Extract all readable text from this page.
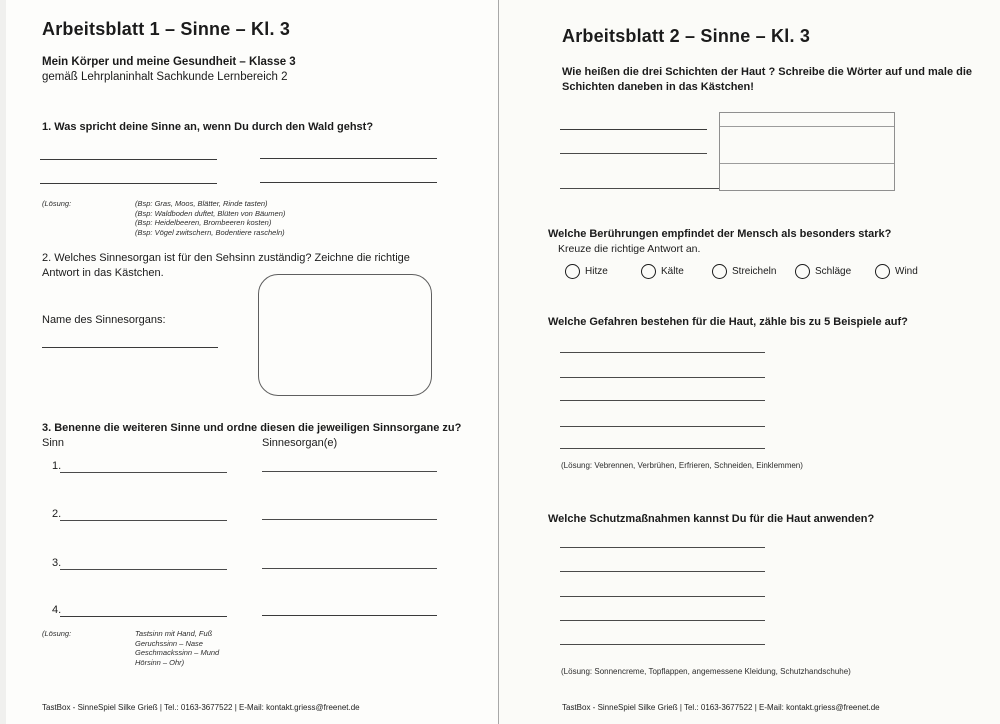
Arbeitsblatt 1 – Sinne – Kl. 3
Mein Körper und meine Gesundheit – Klasse 3
gemäß Lehrplaninhalt Sachkunde Lernbereich 2
1. Was spricht deine Sinne an, wenn Du durch den Wald gehst?
(Lösung:	(Bsp: Gras, Moos, Blätter, Rinde tasten)
(Bsp: Waldboden duftet, Blüten von Bäumen)
(Bsp: Heidelbeeren, Brombeeren kosten)
(Bsp: Vögel zwitschern, Bodentiere rascheln)
2. Welches Sinnesorgan ist für den Sehsinn zuständig? Zeichne die richtige
Antwort in das Kästchen.
Name des Sinnesorgans:
3. Benenne die weiteren Sinne und ordne diesen die jeweiligen Sinnsorgane zu?
Sinn	Sinnesorgan(e)
1.
2.
3.
4.
(Lösung:	Tastsinn mit Hand, Fuß
Geruchssinn – Nase
Geschmackssinn – Mund
Hörsinn – Ohr)
TastBox - SinneSpiel Silke Grieß | Tel.: 0163-3677522 | E-Mail: kontakt.griess@freenet.de
Arbeitsblatt 2 – Sinne – Kl. 3
Wie heißen die drei Schichten der Haut ? Schreibe die Wörter auf und male die
Schichten daneben in das Kästchen!
Welche Berührungen empfindet der Mensch als besonders stark?
Kreuze die richtige Antwort an.
Hitze	Kälte	Streicheln	Schläge	Wind
Welche Gefahren bestehen für die Haut, zähle bis zu 5 Beispiele auf?
(Lösung: Vebrennen, Verbrühen, Erfrieren, Schneiden, Einklemmen)
Welche Schutzmaßnahmen kannst Du für die Haut anwenden?
(Lösung: Sonnencreme, Topflappen, angemessene Kleidung, Schutzhandschuhe)
TastBox - SinneSpiel Silke Grieß | Tel.: 0163-3677522 | E-Mail: kontakt.griess@freenet.de
